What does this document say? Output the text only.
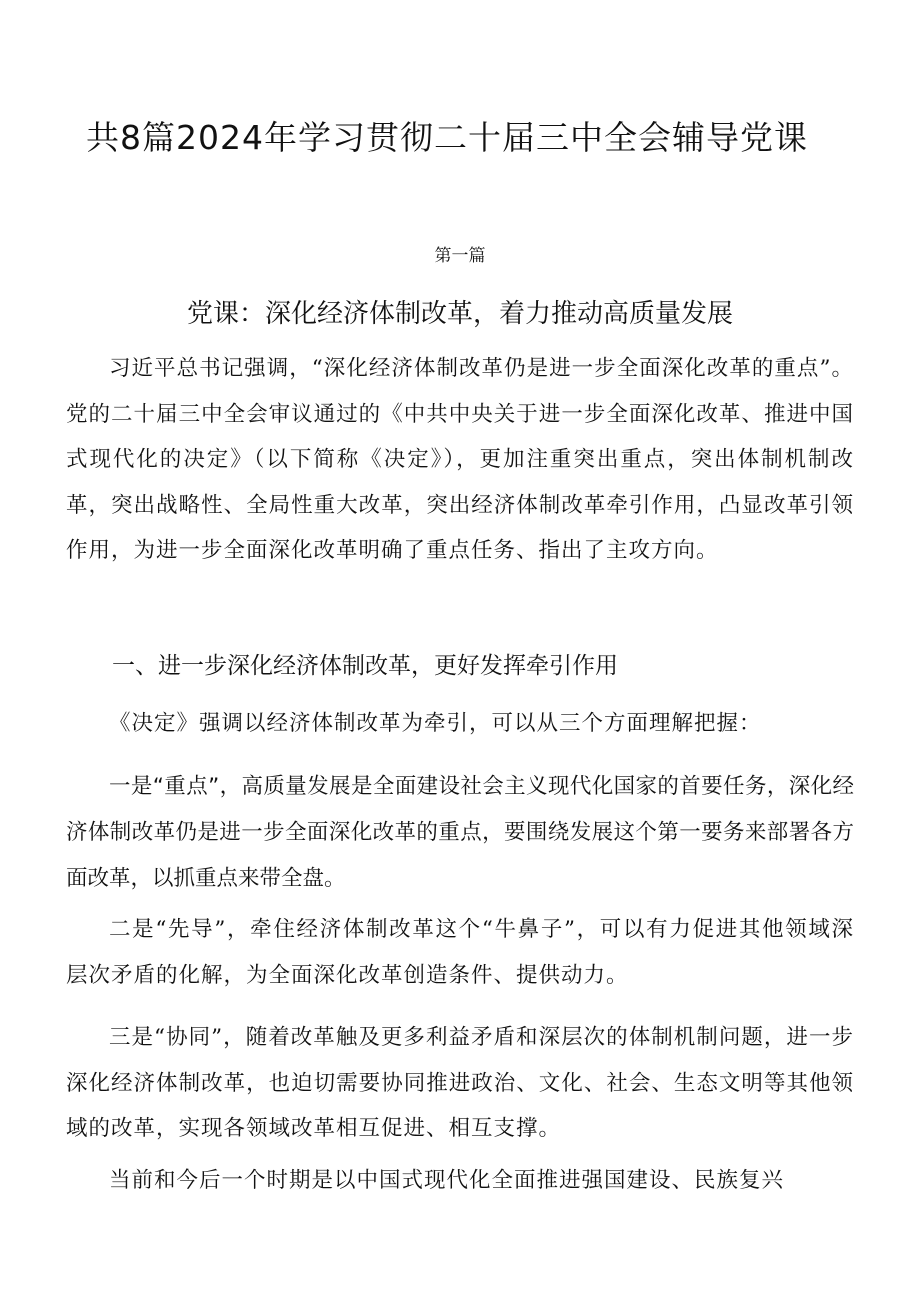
共8篇2024年学习贯彻二十届三中全会辅导党课
第一篇
党课：深化经济体制改革，着力推动高质量发展

习近平总书记强调，“深化经济体制改革仍是进一步全面深化改革的重点”。党的二十届三中全会审议通过的《中共中央关于进一步全面深化改革、推进中国式现代化的决定》（以下简称《决定》），更加注重突出重点，突出体制机制改革，突出战略性、全局性重大改革，突出经济体制改革牵引作用，凸显改革引领作用，为进一步全面深化改革明确了重点任务、指出了主攻方向。

一、进一步深化经济体制改革，更好发挥牵引作用

《决定》强调以经济体制改革为牵引，可以从三个方面理解把握：

一是“重点”，高质量发展是全面建设社会主义现代化国家的首要任务，深化经济体制改革仍是进一步全面深化改革的重点，要围绕发展这个第一要务来部署各方面改革，以抓重点来带全盘。

二是“先导”，牵住经济体制改革这个“牛鼻子”，可以有力促进其他领域深层次矛盾的化解，为全面深化改革创造条件、提供动力。

三是“协同”，随着改革触及更多利益矛盾和深层次的体制机制问题，进一步深化经济体制改革，也迫切需要协同推进政治、文化、社会、生态文明等其他领域的改革，实现各领域改革相互促进、相互支撑。

当前和今后一个时期是以中国式现代化全面推进强国建设、民族复兴
